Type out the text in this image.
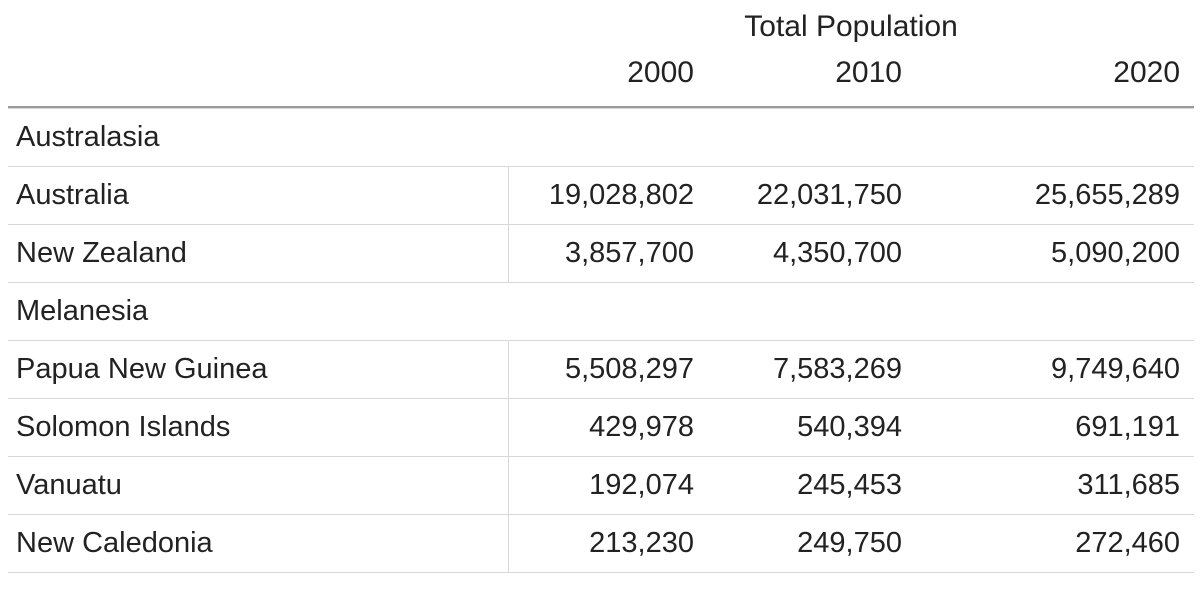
	Total Population		
	2000	2010	2020

Australasia			
Australia	19,028,802	22,031,750	25,655,289
New Zealand	3,857,700	4,350,700	5,090,200
Melanesia			
Papua New Guinea	5,508,297	7,583,269	9,749,640
Solomon Islands	429,978	540,394	691,191
Vanuatu	192,074	245,453	311,685
New Caledonia	213,230	249,750	272,460
